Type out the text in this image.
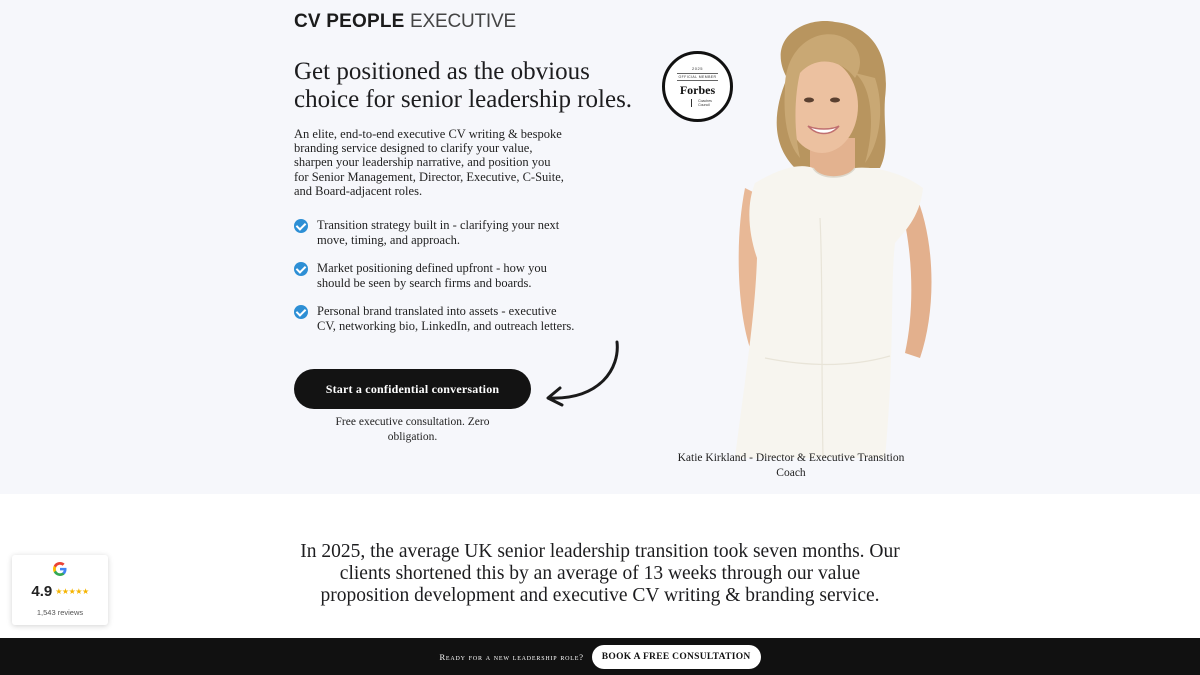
CV PEOPLE EXECUTIVE
Get positioned as the obvious choice for senior leadership roles.

An elite, end-to-end executive CV writing & bespoke branding service designed to clarify your value, sharpen your leadership narrative, and position you for Senior Management, Director, Executive, C-Suite, and Board-adjacent roles.

Transition strategy built in - clarifying your next move, timing, and approach.
Market positioning defined upfront - how you should be seen by search firms and boards.
Personal brand translated into assets - executive CV, networking bio, LinkedIn, and outreach letters.
Start a confidential conversation

Free executive consultation. Zero obligation.

2025
OFFICIAL MEMBER
Forbes
Coaches
Council

Katie Kirkland - Director & Executive Transition Coach

In 2025, the average UK senior leadership transition took seven months. Our clients shortened this by an average of 13 weeks through our value proposition development and executive CV writing & branding service.

4.9 ★★★★★
1,543 reviews
Ready for a new leadership role?	BOOK A FREE CONSULTATION
